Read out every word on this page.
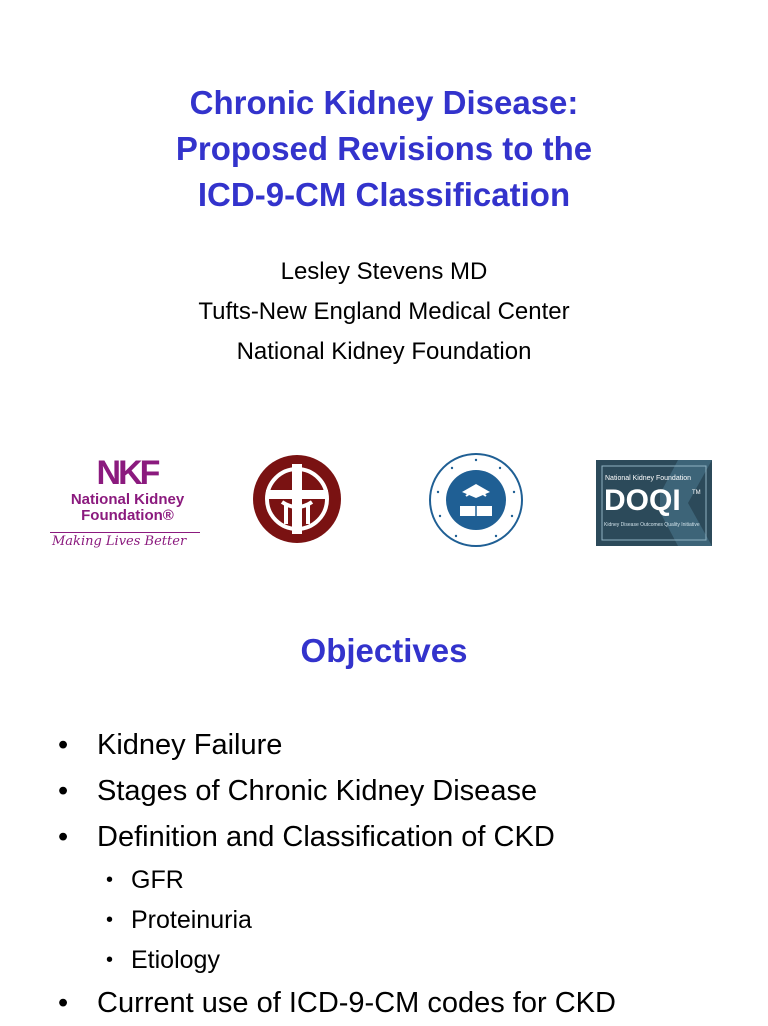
Chronic Kidney Disease:
Proposed Revisions to the
ICD-9-CM Classification
Lesley Stevens MD
Tufts-New England Medical Center
National Kidney Foundation
NKF
National Kidney
Foundation®
Making Lives Better
National Kidney Foundation
DOQI TM
Kidney Disease Outcomes Quality Initiative
Objectives
• Kidney Failure
• Stages of Chronic Kidney Disease
• Definition and Classification of CKD
• GFR
• Proteinuria
• Etiology
• Current use of ICD-9-CM codes for CKD
